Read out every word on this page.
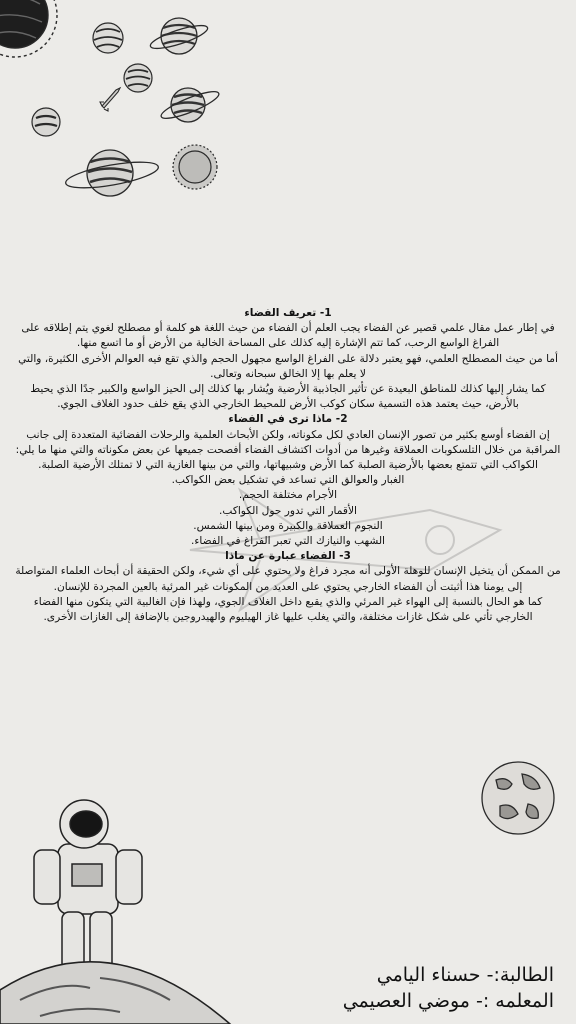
1- تعريف الفضاء

في إطار عمل مقال علمي قصير عن الفضاء يجب العلم أن الفضاء من حيث اللغة هو كلمة أو مصطلح لغوي يتم إطلاقه على الفراغ الواسع الرحب، كما تتم الإشارة إليه كذلك على المساحة الخالية من الأرض أو ما اتسع منها.

أما من حيث المصطلح العلمي، فهو يعتبر دلالة على الفراغ الواسع مجهول الحجم والذي تقع فيه العوالم الأخرى الكثيرة، والتي لا يعلم بها إلا الخالق سبحانه وتعالى.

كما يشار إليها كذلك للمناطق البعيدة عن تأثير الجاذبية الأرضية ويُشار بها كذلك إلى الحيز الواسع والكبير جدًا الذي يحيط بالأرض، حيث يعتمد هذه التسمية سكان كوكب الأرض للمحيط الخارجي الذي يقع خلف حدود الغلاف الجوي.

2- ماذا ترى في الفضاء

إن الفضاء أوسع بكثير من تصور الإنسان العادي لكل مكوناته، ولكن الأبحاث العلمية والرحلات الفضائية المتعددة إلى جانب المراقبة من خلال التلسكوبات العملاقة وغيرها من أدوات اكتشاف الفضاء أفصحت جميعها عن بعض مكوناته والتي منها ما يلي:

الكواكب التي تتمتع بعضها بالأرضية الصلبة كما الأرض وشبيهاتها، والتي من بينها الغازية التي لا تمتلك الأرضية الصلبة.

الغبار والعوالق التي تساعد في تشكيل بعض الكواكب.

الأجرام مختلفة الحجم.

الأقمار التي تدور حول الكواكب.

النجوم العملاقة والكبيرة ومن بينها الشمس.

الشهب والنيازك التي تعبر الفراغ في الفضاء.

3- الفضاء عبارة عن ماذا

من الممكن أن يتخيل الإنسان للوهلة الأولى أنه مجرد فراغ ولا يحتوي على أي شيء، ولكن الحقيقة أن أبحاث العلماء المتواصلة إلى يومنا هذا أثبتت أن الفضاء الخارجي يحتوي على العديد من المكونات غير المرئية بالعين المجردة للإنسان.

كما هو الحال بالنسبة إلى الهواء غير المرئي والذي يقبع داخل الغلاف الجوي، ولهذا فإن الغالبية التي يتكون منها الفضاء الخارجي تأتي على شكل غازات مختلفة، والتي يغلب عليها غاز الهيليوم والهيدروجين بالإضافة إلى الغازات الأخرى.

الطالبة:- حسناء اليامي

المعلمه :- موضي العصيمي
